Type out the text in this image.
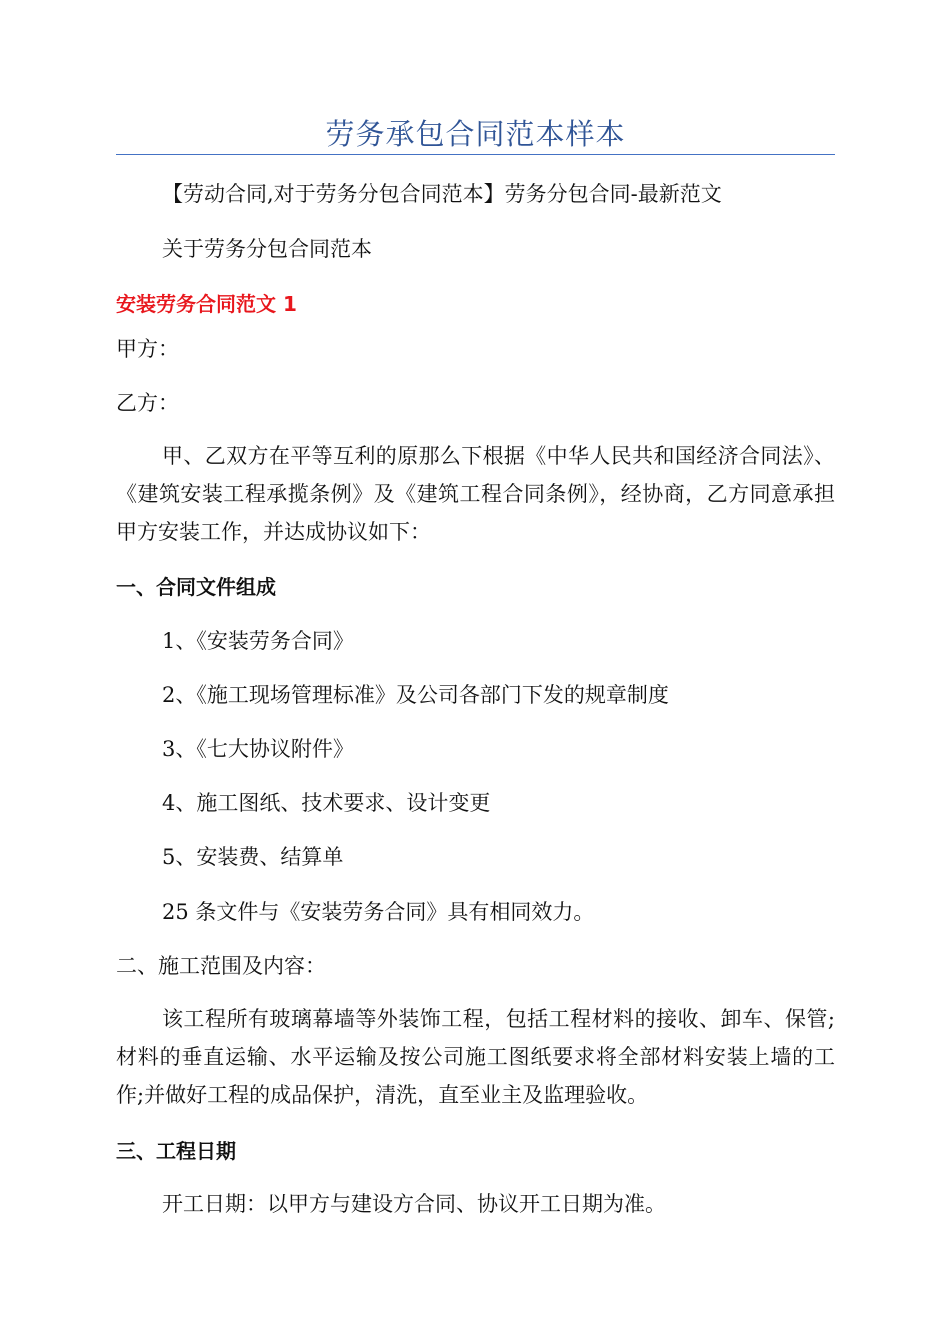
劳务承包合同范本样本
【劳动合同,对于劳务分包合同范本】劳务分包合同-最新范文
关于劳务分包合同范本
安装劳务合同范文 1
甲方：
乙方：
甲、乙双方在平等互利的原那么下根据《中华人民共和国经济合同法》、《建筑安装工程承揽条例》及《建筑工程合同条例》，经协商，乙方同意承担甲方安装工作，并达成协议如下：
一、合同文件组成
1、《安装劳务合同》
2、《施工现场管理标准》及公司各部门下发的规章制度
3、《七大协议附件》
4、施工图纸、技术要求、设计变更
5、安装费、结算单
25 条文件与《安装劳务合同》具有相同效力。
二、施工范围及内容：
该工程所有玻璃幕墙等外装饰工程，包括工程材料的接收、卸车、保管;材料的垂直运输、水平运输及按公司施工图纸要求将全部材料安装上墙的工作;并做好工程的成品保护，清洗，直至业主及监理验收。
三、工程日期
开工日期：以甲方与建设方合同、协议开工日期为准。
